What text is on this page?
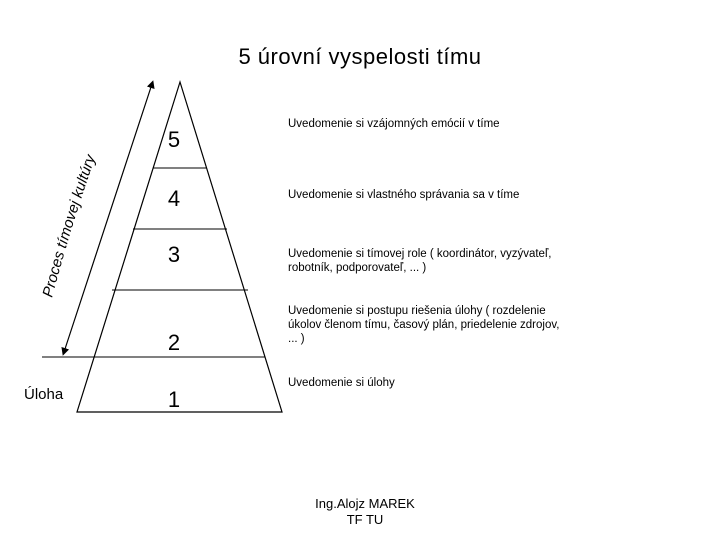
5 úrovní vyspelosti tímu
Proces tímovej kultúry
5
4
3
2
1
Uvedomenie si vzájomných emócií v tíme
Uvedomenie si vlastného správania sa v tíme
Uvedomenie si tímovej role ( koordinátor, vyzývateľ, robotník, podporovateľ, ... )
Uvedomenie si postupu riešenia úlohy ( rozdelenie úkolov členom tímu, časový plán, priedelenie zdrojov, ... )
Uvedomenie si úlohy
Úloha
Ing.Alojz MAREK
TF TU
